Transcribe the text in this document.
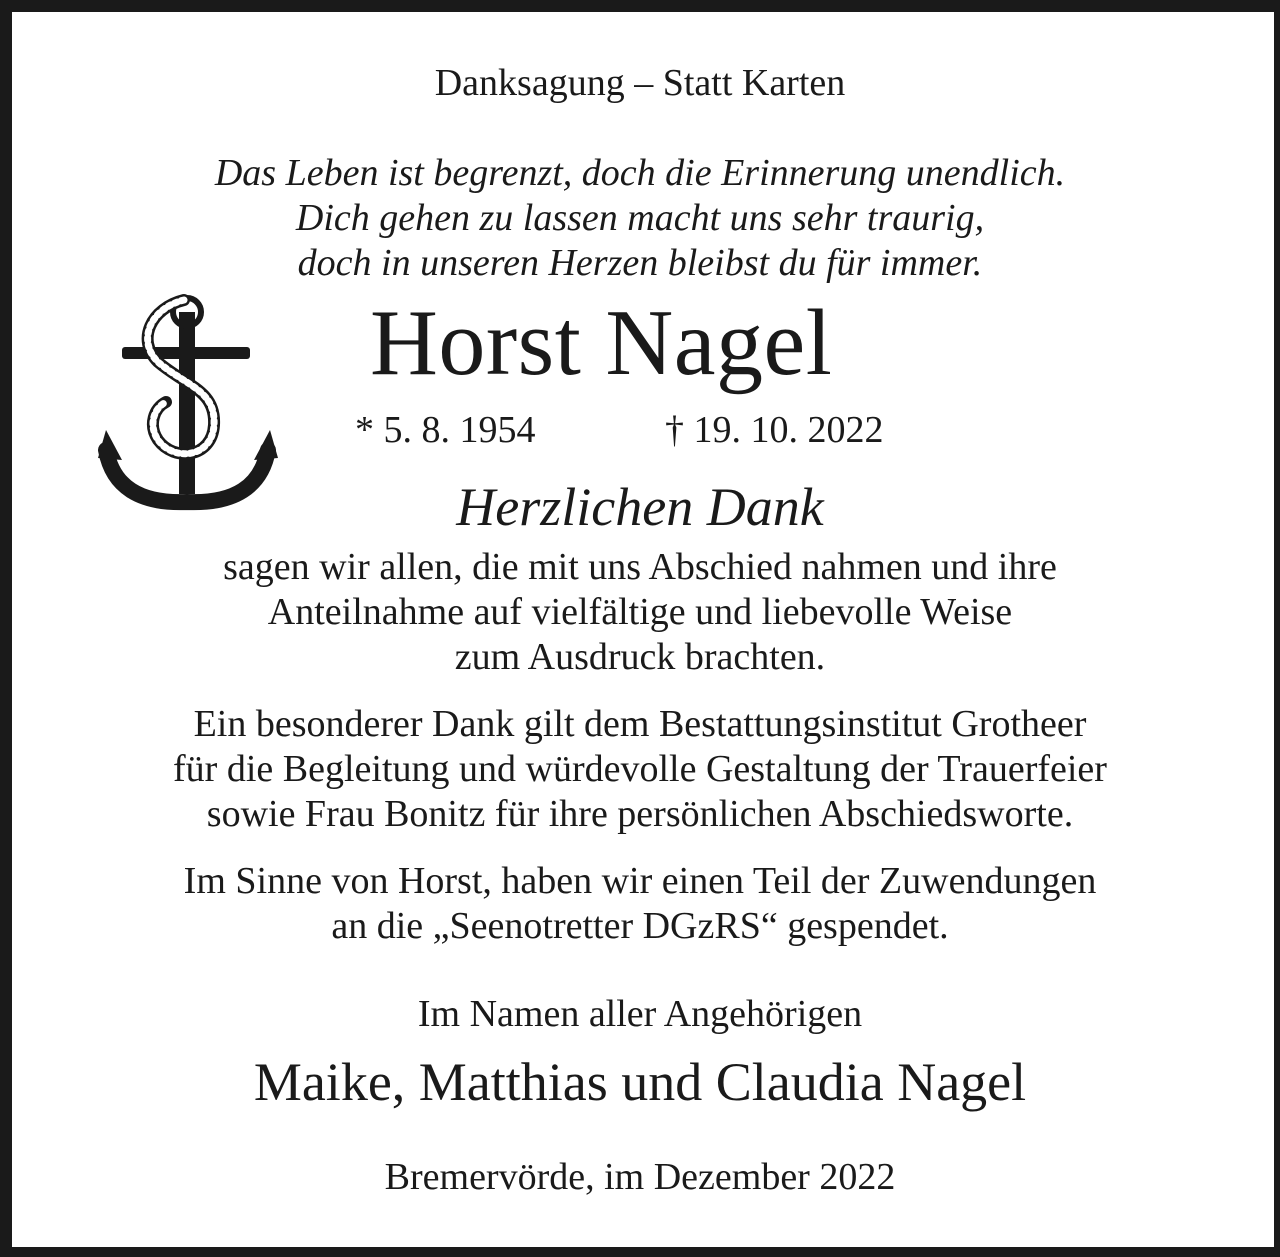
Danksagung – Statt Karten
Das Leben ist begrenzt, doch die Erinnerung unendlich.
Dich gehen zu lassen macht uns sehr traurig,
doch in unseren Herzen bleibst du für immer.
Horst Nagel
* 5. 8. 1954	† 19. 10. 2022
Herzlichen Dank
sagen wir allen, die mit uns Abschied nahmen und ihre
Anteilnahme auf vielfältige und liebevolle Weise
zum Ausdruck brachten.
Ein besonderer Dank gilt dem Bestattungsinstitut Grotheer
für die Begleitung und würdevolle Gestaltung der Trauerfeier
sowie Frau Bonitz für ihre persönlichen Abschiedsworte.
Im Sinne von Horst, haben wir einen Teil der Zuwendungen
an die „Seenotretter DGzRS“ gespendet.
Im Namen aller Angehörigen
Maike, Matthias und Claudia Nagel
Bremervörde, im Dezember 2022
